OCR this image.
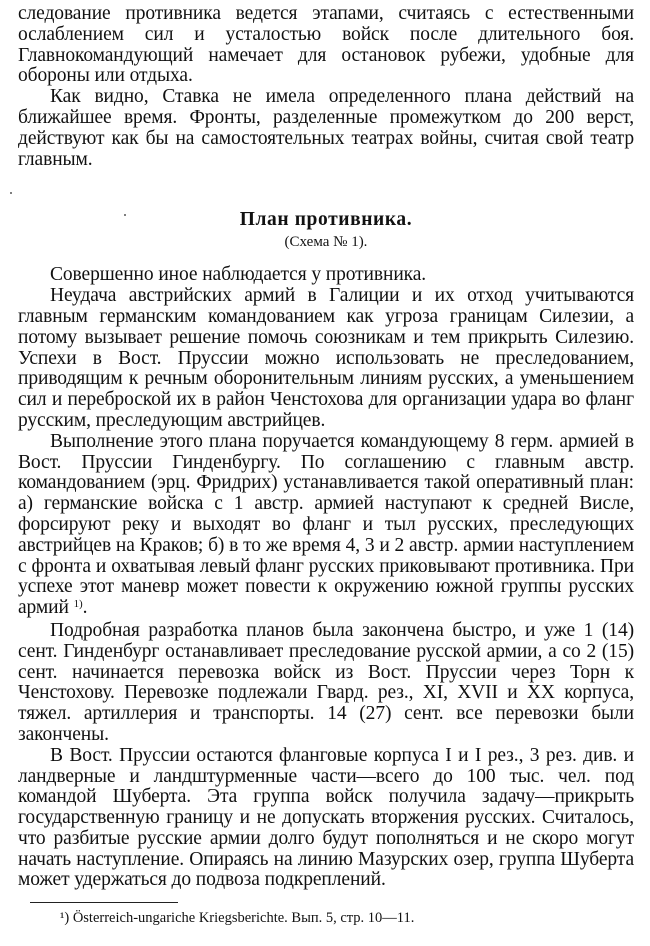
следование противника ведется этапами, считаясь с естественными ослаблением сил и усталостью войск после длительного боя. Главнокомандующий намечает для остановок рубежи, удобные для обороны или отдыха.

Как видно, Ставка не имела определенного плана действий на ближайшее время. Фронты, разделенные промежутком до 200 верст, действуют как бы на самостоятельных театрах войны, считая свой театр главным.

План противника.
(Схема № 1).

Совершенно иное наблюдается у противника.

Неудача австрийских армий в Галиции и их отход учитываются главным германским командованием как угроза границам Силезии, а потому вызывает решение помочь союзникам и тем прикрыть Силезию. Успехи в Вост. Пруссии можно использовать не преследованием, приводящим к речным оборонительным линиям русских, а уменьшением сил и переброской их в район Ченстохова для организации удара во фланг русским, преследующим австрийцев.

Выполнение этого плана поручается командующему 8 герм. армией в Вост. Пруссии Гинденбургу. По соглашению с главным австр. командованием (эрц. Фридрих) устанавливается такой оперативный план: а) германские войска с 1 австр. армией наступают к средней Висле, форсируют реку и выходят во фланг и тыл русских, преследующих австрийцев на Краков; б) в то же время 4, 3 и 2 австр. армии наступлением с фронта и охватывая левый фланг русских приковывают противника. При успехе этот маневр может повести к окружению южной группы русских армий $^{1)}$.

Подробная разработка планов была закончена быстро, и уже 1 (14) сент. Гинденбург останавливает преследование русской армии, а со 2 (15) сент. начинается перевозка войск из Вост. Пруссии через Торн к Ченстохову. Перевозке подлежали Гвард. рез., XI, XVII и XX корпуса, тяжел. артиллерия и транспорты. 14 (27) сент. все перевозки были закончены.

В Вост. Пруссии остаются фланговые корпуса I и I рез., 3 рез. див. и ландверные и ландштурменные части—всего до 100 тыс. чел. под командой Шуберта. Эта группа войск получила задачу—прикрыть государственную границу и не допускать вторжения русских. Считалось, что разбитые русские армии долго будут пополняться и не скоро могут начать наступление. Опираясь на линию Мазурских озер, группа Шуберта может удержаться до подвоза подкреплений.

¹) Österreich-ungariche Kriegsberichte. Вып. 5, стр. 10—11.
